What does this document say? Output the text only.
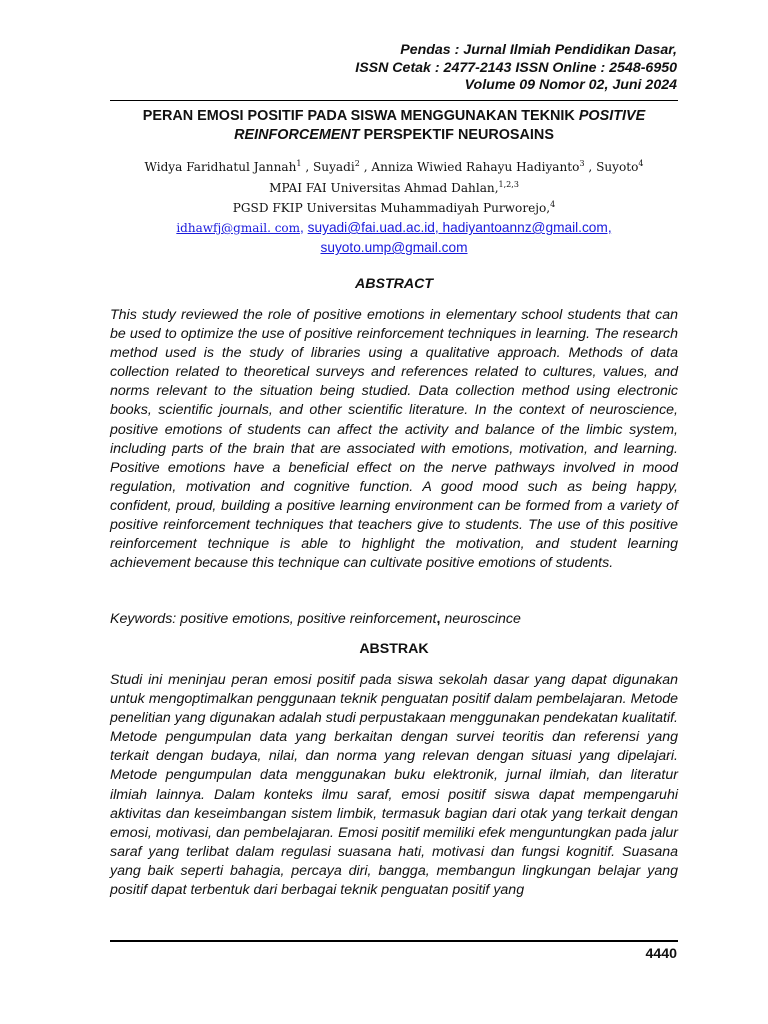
Pendas : Jurnal Ilmiah Pendidikan Dasar,
ISSN Cetak : 2477-2143 ISSN Online : 2548-6950
Volume 09 Nomor 02, Juni 2024
PERAN EMOSI POSITIF PADA SISWA MENGGUNAKAN TEKNIK POSITIVE
REINFORCEMENT PERSPEKTIF NEUROSAINS
Widya Faridhatul Jannah$^1$ , Suyadi$^2$ , Anniza Wiwied Rahayu Hadiyanto$^3$ , Suyoto$^4$
MPAI FAI Universitas Ahmad Dahlan,$^{1,2,3}$
PGSD FKIP Universitas Muhammadiyah Purworejo,$^4$
idhawfj@gmail. com, suyadi@fai.uad.ac.id, hadiyantoannz@gmail.com,
suyoto.ump@gmail.com
ABSTRACT
This study reviewed the role of positive emotions in elementary school students that can be used to optimize the use of positive reinforcement techniques in learning. The research method used is the study of libraries using a qualitative approach. Methods of data collection related to theoretical surveys and references related to cultures, values, and norms relevant to the situation being studied. Data collection method using electronic books, scientific journals, and other scientific literature. In the context of neuroscience, positive emotions of students can affect the activity and balance of the limbic system, including parts of the brain that are associated with emotions, motivation, and learning. Positive emotions have a beneficial effect on the nerve pathways involved in mood regulation, motivation and cognitive function. A good mood such as being happy, confident, proud, building a positive learning environment can be formed from a variety of positive reinforcement techniques that teachers give to students. The use of this positive reinforcement technique is able to highlight the motivation, and student learning achievement because this technique can cultivate positive emotions of students.
Keywords: positive emotions, positive reinforcement, neuroscince
ABSTRAK
Studi ini meninjau peran emosi positif pada siswa sekolah dasar yang dapat digunakan untuk mengoptimalkan penggunaan teknik penguatan positif dalam pembelajaran. Metode penelitian yang digunakan adalah studi perpustakaan menggunakan pendekatan kualitatif. Metode pengumpulan data yang berkaitan dengan survei teoritis dan referensi yang terkait dengan budaya, nilai, dan norma yang relevan dengan situasi yang dipelajari. Metode pengumpulan data menggunakan buku elektronik, jurnal ilmiah, dan literatur ilmiah lainnya. Dalam konteks ilmu saraf, emosi positif siswa dapat mempengaruhi aktivitas dan keseimbangan sistem limbik, termasuk bagian dari otak yang terkait dengan emosi, motivasi, dan pembelajaran. Emosi positif memiliki efek menguntungkan pada jalur saraf yang terlibat dalam regulasi suasana hati, motivasi dan fungsi kognitif. Suasana yang baik seperti bahagia, percaya diri, bangga, membangun lingkungan belajar yang positif dapat terbentuk dari berbagai teknik penguatan positif yang
4440
